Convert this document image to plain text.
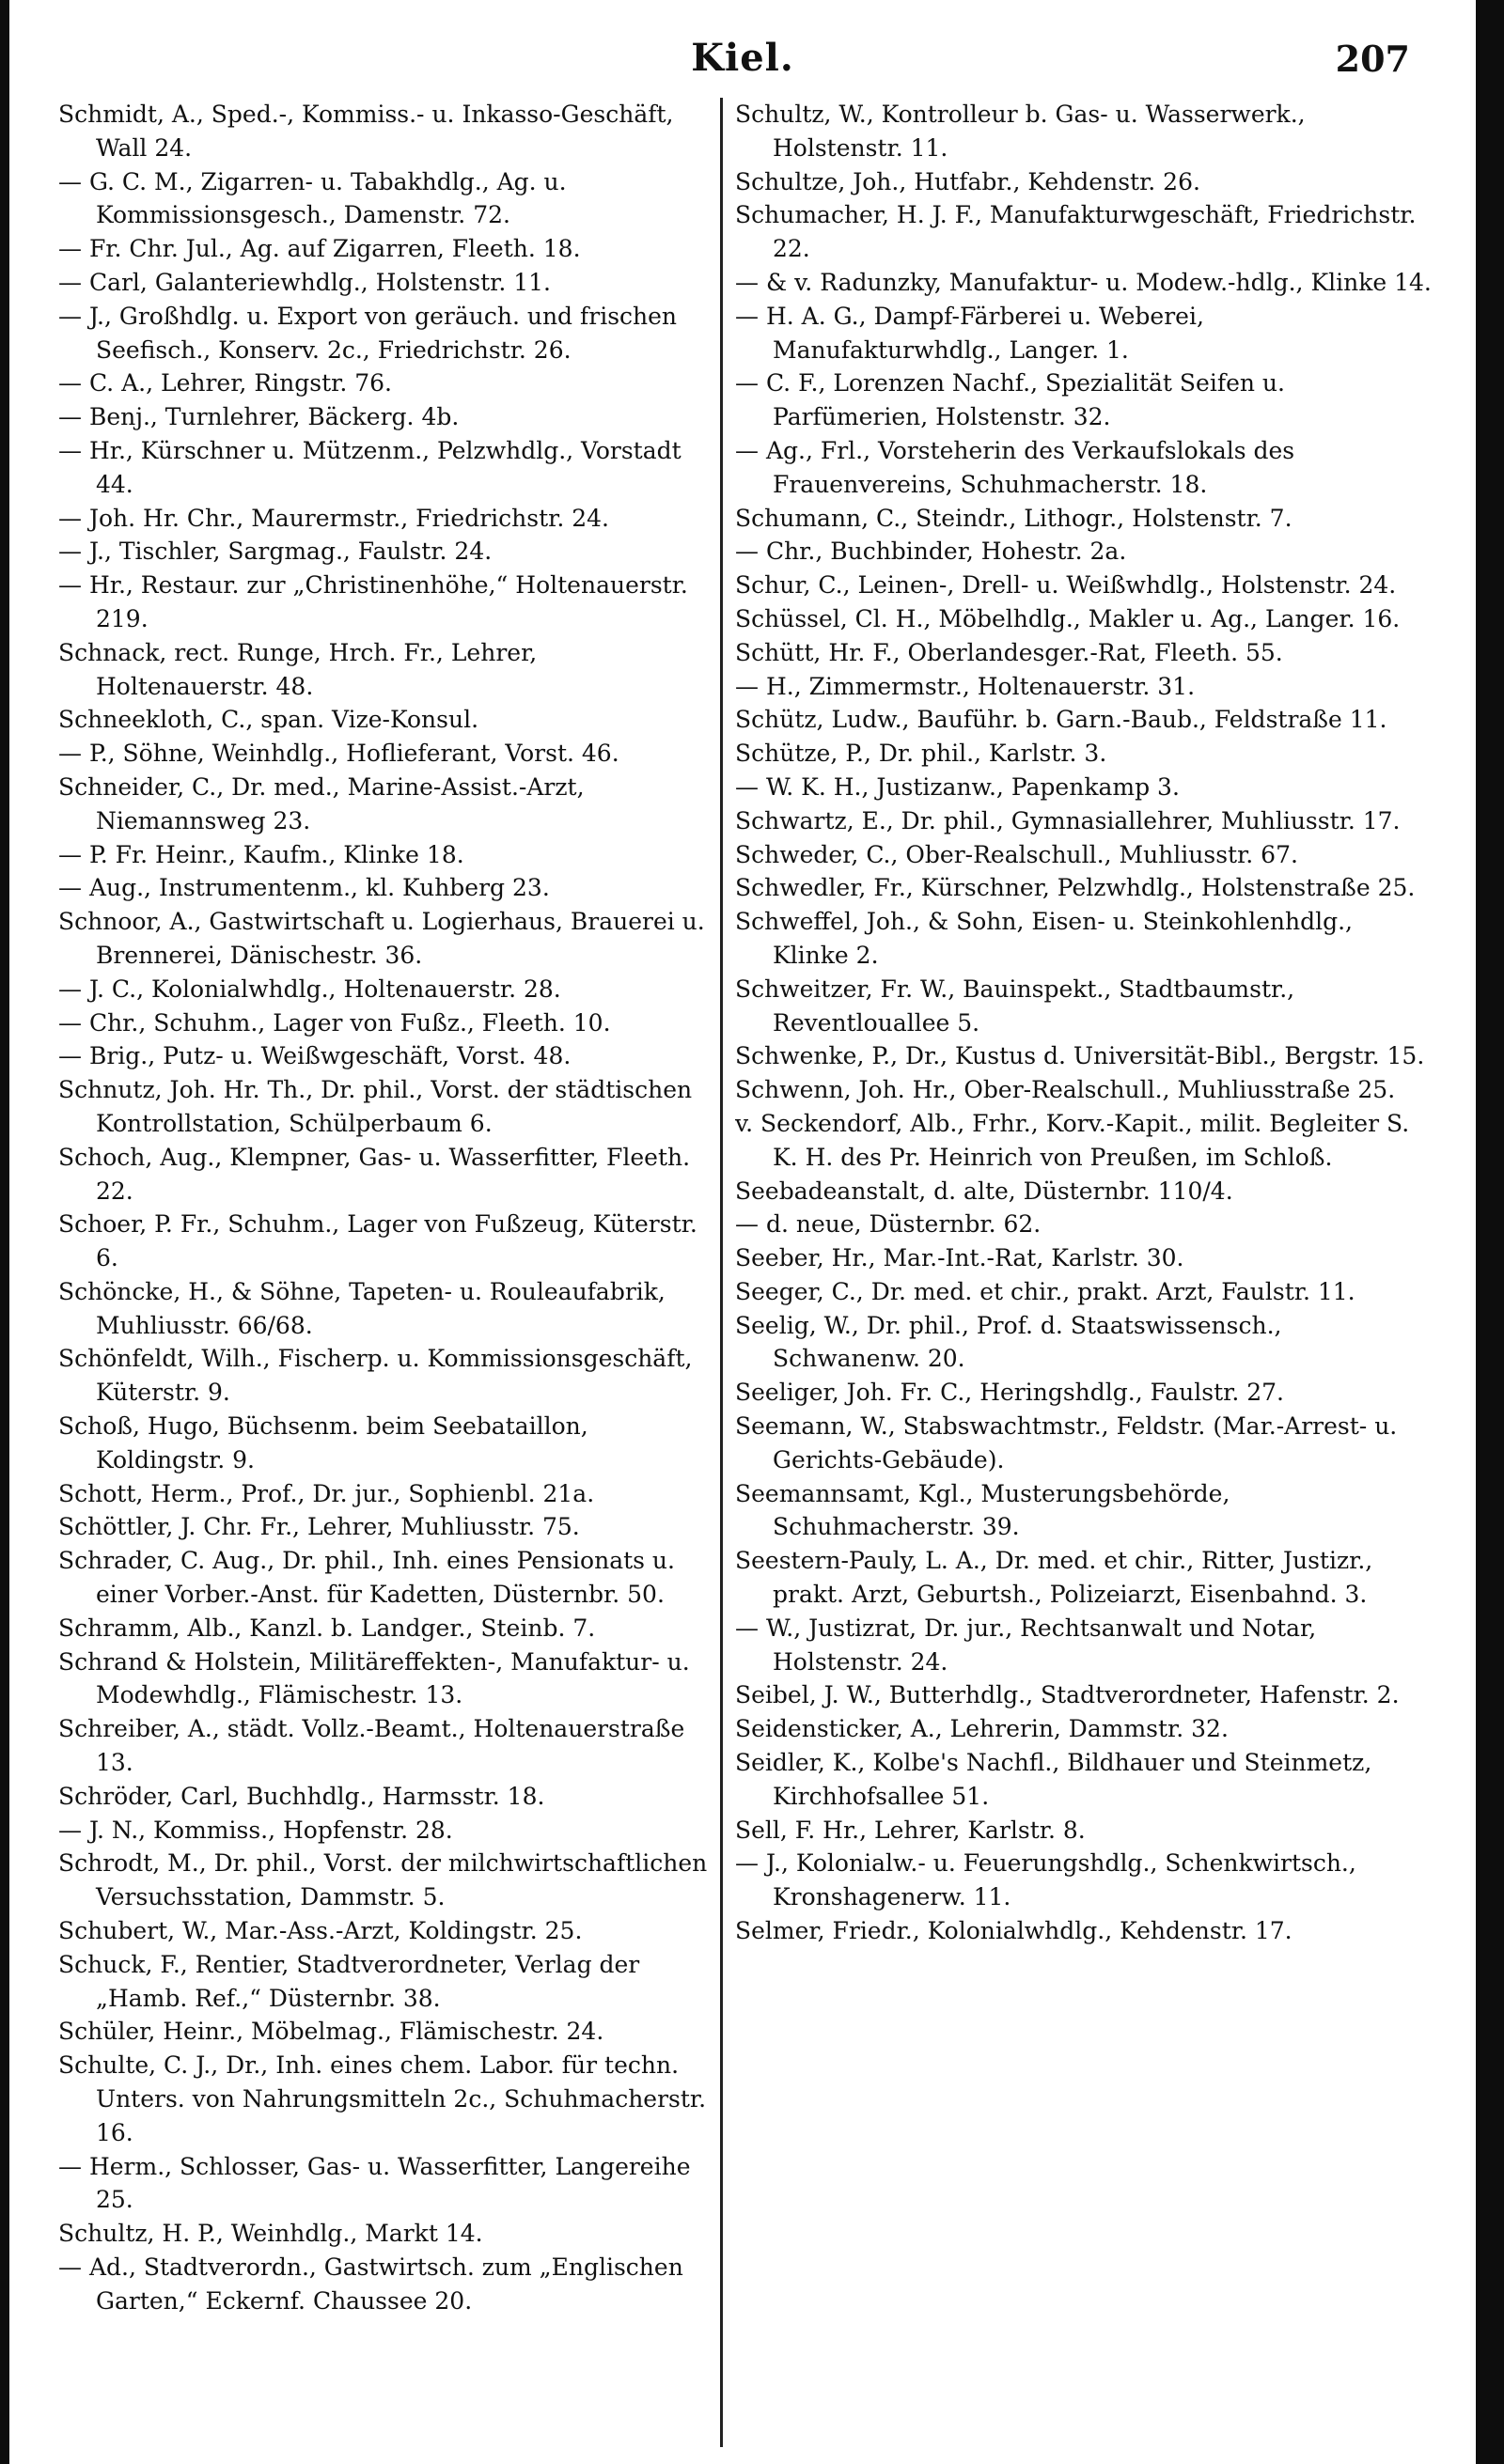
Kiel.	207

Schmidt, A., Sped.-, Kommiss.- u. Inkasso-Geschäft, Wall 24.

— G. C. M., Zigarren- u. Tabakhdlg., Ag. u. Kommissionsgesch., Damenstr. 72.

— Fr. Chr. Jul., Ag. auf Zigarren, Fleeth. 18.

— Carl, Galanteriewhdlg., Holstenstr. 11.

— J., Großhdlg. u. Export von geräuch. und frischen Seefisch., Konserv. 2c., Friedrichstr. 26.

— C. A., Lehrer, Ringstr. 76.

— Benj., Turnlehrer, Bäckerg. 4b.

— Hr., Kürschner u. Mützenm., Pelzwhdlg., Vorstadt 44.

— Joh. Hr. Chr., Maurermstr., Friedrichstr. 24.

— J., Tischler, Sargmag., Faulstr. 24.

— Hr., Restaur. zur „Christinenhöhe,“ Holtenauerstr. 219.

Schnack, rect. Runge, Hrch. Fr., Lehrer, Holtenauerstr. 48.

Schneekloth, C., span. Vize-Konsul.

— P., Söhne, Weinhdlg., Hoflieferant, Vorst. 46.

Schneider, C., Dr. med., Marine-Assist.-Arzt, Niemannsweg 23.

— P. Fr. Heinr., Kaufm., Klinke 18.

— Aug., Instrumentenm., kl. Kuhberg 23.

Schnoor, A., Gastwirtschaft u. Logierhaus, Brauerei u. Brennerei, Dänischestr. 36.

— J. C., Kolonialwhdlg., Holtenauerstr. 28.

— Chr., Schuhm., Lager von Fußz., Fleeth. 10.

— Brig., Putz- u. Weißwgeschäft, Vorst. 48.

Schnutz, Joh. Hr. Th., Dr. phil., Vorst. der städtischen Kontrollstation, Schülperbaum 6.

Schoch, Aug., Klempner, Gas- u. Wasserfitter, Fleeth. 22.

Schoer, P. Fr., Schuhm., Lager von Fußzeug, Küterstr. 6.

Schöncke, H., & Söhne, Tapeten- u. Rouleaufabrik, Muhliusstr. 66/68.

Schönfeldt, Wilh., Fischerp. u. Kommissionsgeschäft, Küterstr. 9.

Schoß, Hugo, Büchsenm. beim Seebataillon, Koldingstr. 9.

Schott, Herm., Prof., Dr. jur., Sophienbl. 21a.

Schöttler, J. Chr. Fr., Lehrer, Muhliusstr. 75.

Schrader, C. Aug., Dr. phil., Inh. eines Pensionats u. einer Vorber.-Anst. für Kadetten, Düsternbr. 50.

Schramm, Alb., Kanzl. b. Landger., Steinb. 7.

Schrand & Holstein, Militäreffekten-, Manufaktur- u. Modewhdlg., Flämischestr. 13.

Schreiber, A., städt. Vollz.-Beamt., Holtenauerstraße 13.

Schröder, Carl, Buchhdlg., Harmsstr. 18.

— J. N., Kommiss., Hopfenstr. 28.

Schrodt, M., Dr. phil., Vorst. der milchwirtschaftlichen Versuchsstation, Dammstr. 5.

Schubert, W., Mar.-Ass.-Arzt, Koldingstr. 25.

Schuck, F., Rentier, Stadtverordneter, Verlag der „Hamb. Ref.,“ Düsternbr. 38.

Schüler, Heinr., Möbelmag., Flämischestr. 24.

Schulte, C. J., Dr., Inh. eines chem. Labor. für techn. Unters. von Nahrungsmitteln 2c., Schuhmacherstr. 16.

— Herm., Schlosser, Gas- u. Wasserfitter, Langereihe 25.

Schultz, H. P., Weinhdlg., Markt 14.

— Ad., Stadtverordn., Gastwirtsch. zum „Englischen Garten,“ Eckernf. Chaussee 20.

Schultz, W., Kontrolleur b. Gas- u. Wasserwerk., Holstenstr. 11.

Schultze, Joh., Hutfabr., Kehdenstr. 26.

Schumacher, H. J. F., Manufakturwgeschäft, Friedrichstr. 22.

— & v. Radunzky, Manufaktur- u. Modew.-hdlg., Klinke 14.

— H. A. G., Dampf-Färberei u. Weberei, Manufakturwhdlg., Langer. 1.

— C. F., Lorenzen Nachf., Spezialität Seifen u. Parfümerien, Holstenstr. 32.

— Ag., Frl., Vorsteherin des Verkaufslokals des Frauenvereins, Schuhmacherstr. 18.

Schumann, C., Steindr., Lithogr., Holstenstr. 7.

— Chr., Buchbinder, Hohestr. 2a.

Schur, C., Leinen-, Drell- u. Weißwhdlg., Holstenstr. 24.

Schüssel, Cl. H., Möbelhdlg., Makler u. Ag., Langer. 16.

Schütt, Hr. F., Oberlandesger.-Rat, Fleeth. 55.

— H., Zimmermstr., Holtenauerstr. 31.

Schütz, Ludw., Bauführ. b. Garn.-Baub., Feldstraße 11.

Schütze, P., Dr. phil., Karlstr. 3.

— W. K. H., Justizanw., Papenkamp 3.

Schwartz, E., Dr. phil., Gymnasiallehrer, Muhliusstr. 17.

Schweder, C., Ober-Realschull., Muhliusstr. 67.

Schwedler, Fr., Kürschner, Pelzwhdlg., Holstenstraße 25.

Schweffel, Joh., & Sohn, Eisen- u. Steinkohlenhdlg., Klinke 2.

Schweitzer, Fr. W., Bauinspekt., Stadtbaumstr., Reventlouallee 5.

Schwenke, P., Dr., Kustus d. Universität-Bibl., Bergstr. 15.

Schwenn, Joh. Hr., Ober-Realschull., Muhliusstraße 25.

v. Seckendorf, Alb., Frhr., Korv.-Kapit., milit. Begleiter S. K. H. des Pr. Heinrich von Preußen, im Schloß.

Seebadeanstalt, d. alte, Düsternbr. 110/4.

— d. neue, Düsternbr. 62.

Seeber, Hr., Mar.-Int.-Rat, Karlstr. 30.

Seeger, C., Dr. med. et chir., prakt. Arzt, Faulstr. 11.

Seelig, W., Dr. phil., Prof. d. Staatswissensch., Schwanenw. 20.

Seeliger, Joh. Fr. C., Heringshdlg., Faulstr. 27.

Seemann, W., Stabswachtmstr., Feldstr. (Mar.-Arrest- u. Gerichts-Gebäude).

Seemannsamt, Kgl., Musterungsbehörde, Schuhmacherstr. 39.

Seestern-Pauly, L. A., Dr. med. et chir., Ritter, Justizr., prakt. Arzt, Geburtsh., Polizeiarzt, Eisenbahnd. 3.

— W., Justizrat, Dr. jur., Rechtsanwalt und Notar, Holstenstr. 24.

Seibel, J. W., Butterhdlg., Stadtverordneter, Hafenstr. 2.

Seidensticker, A., Lehrerin, Dammstr. 32.

Seidler, K., Kolbe's Nachfl., Bildhauer und Steinmetz, Kirchhofsallee 51.

Sell, F. Hr., Lehrer, Karlstr. 8.

— J., Kolonialw.- u. Feuerungshdlg., Schenkwirtsch., Kronshagenerw. 11.

Selmer, Friedr., Kolonialwhdlg., Kehdenstr. 17.
